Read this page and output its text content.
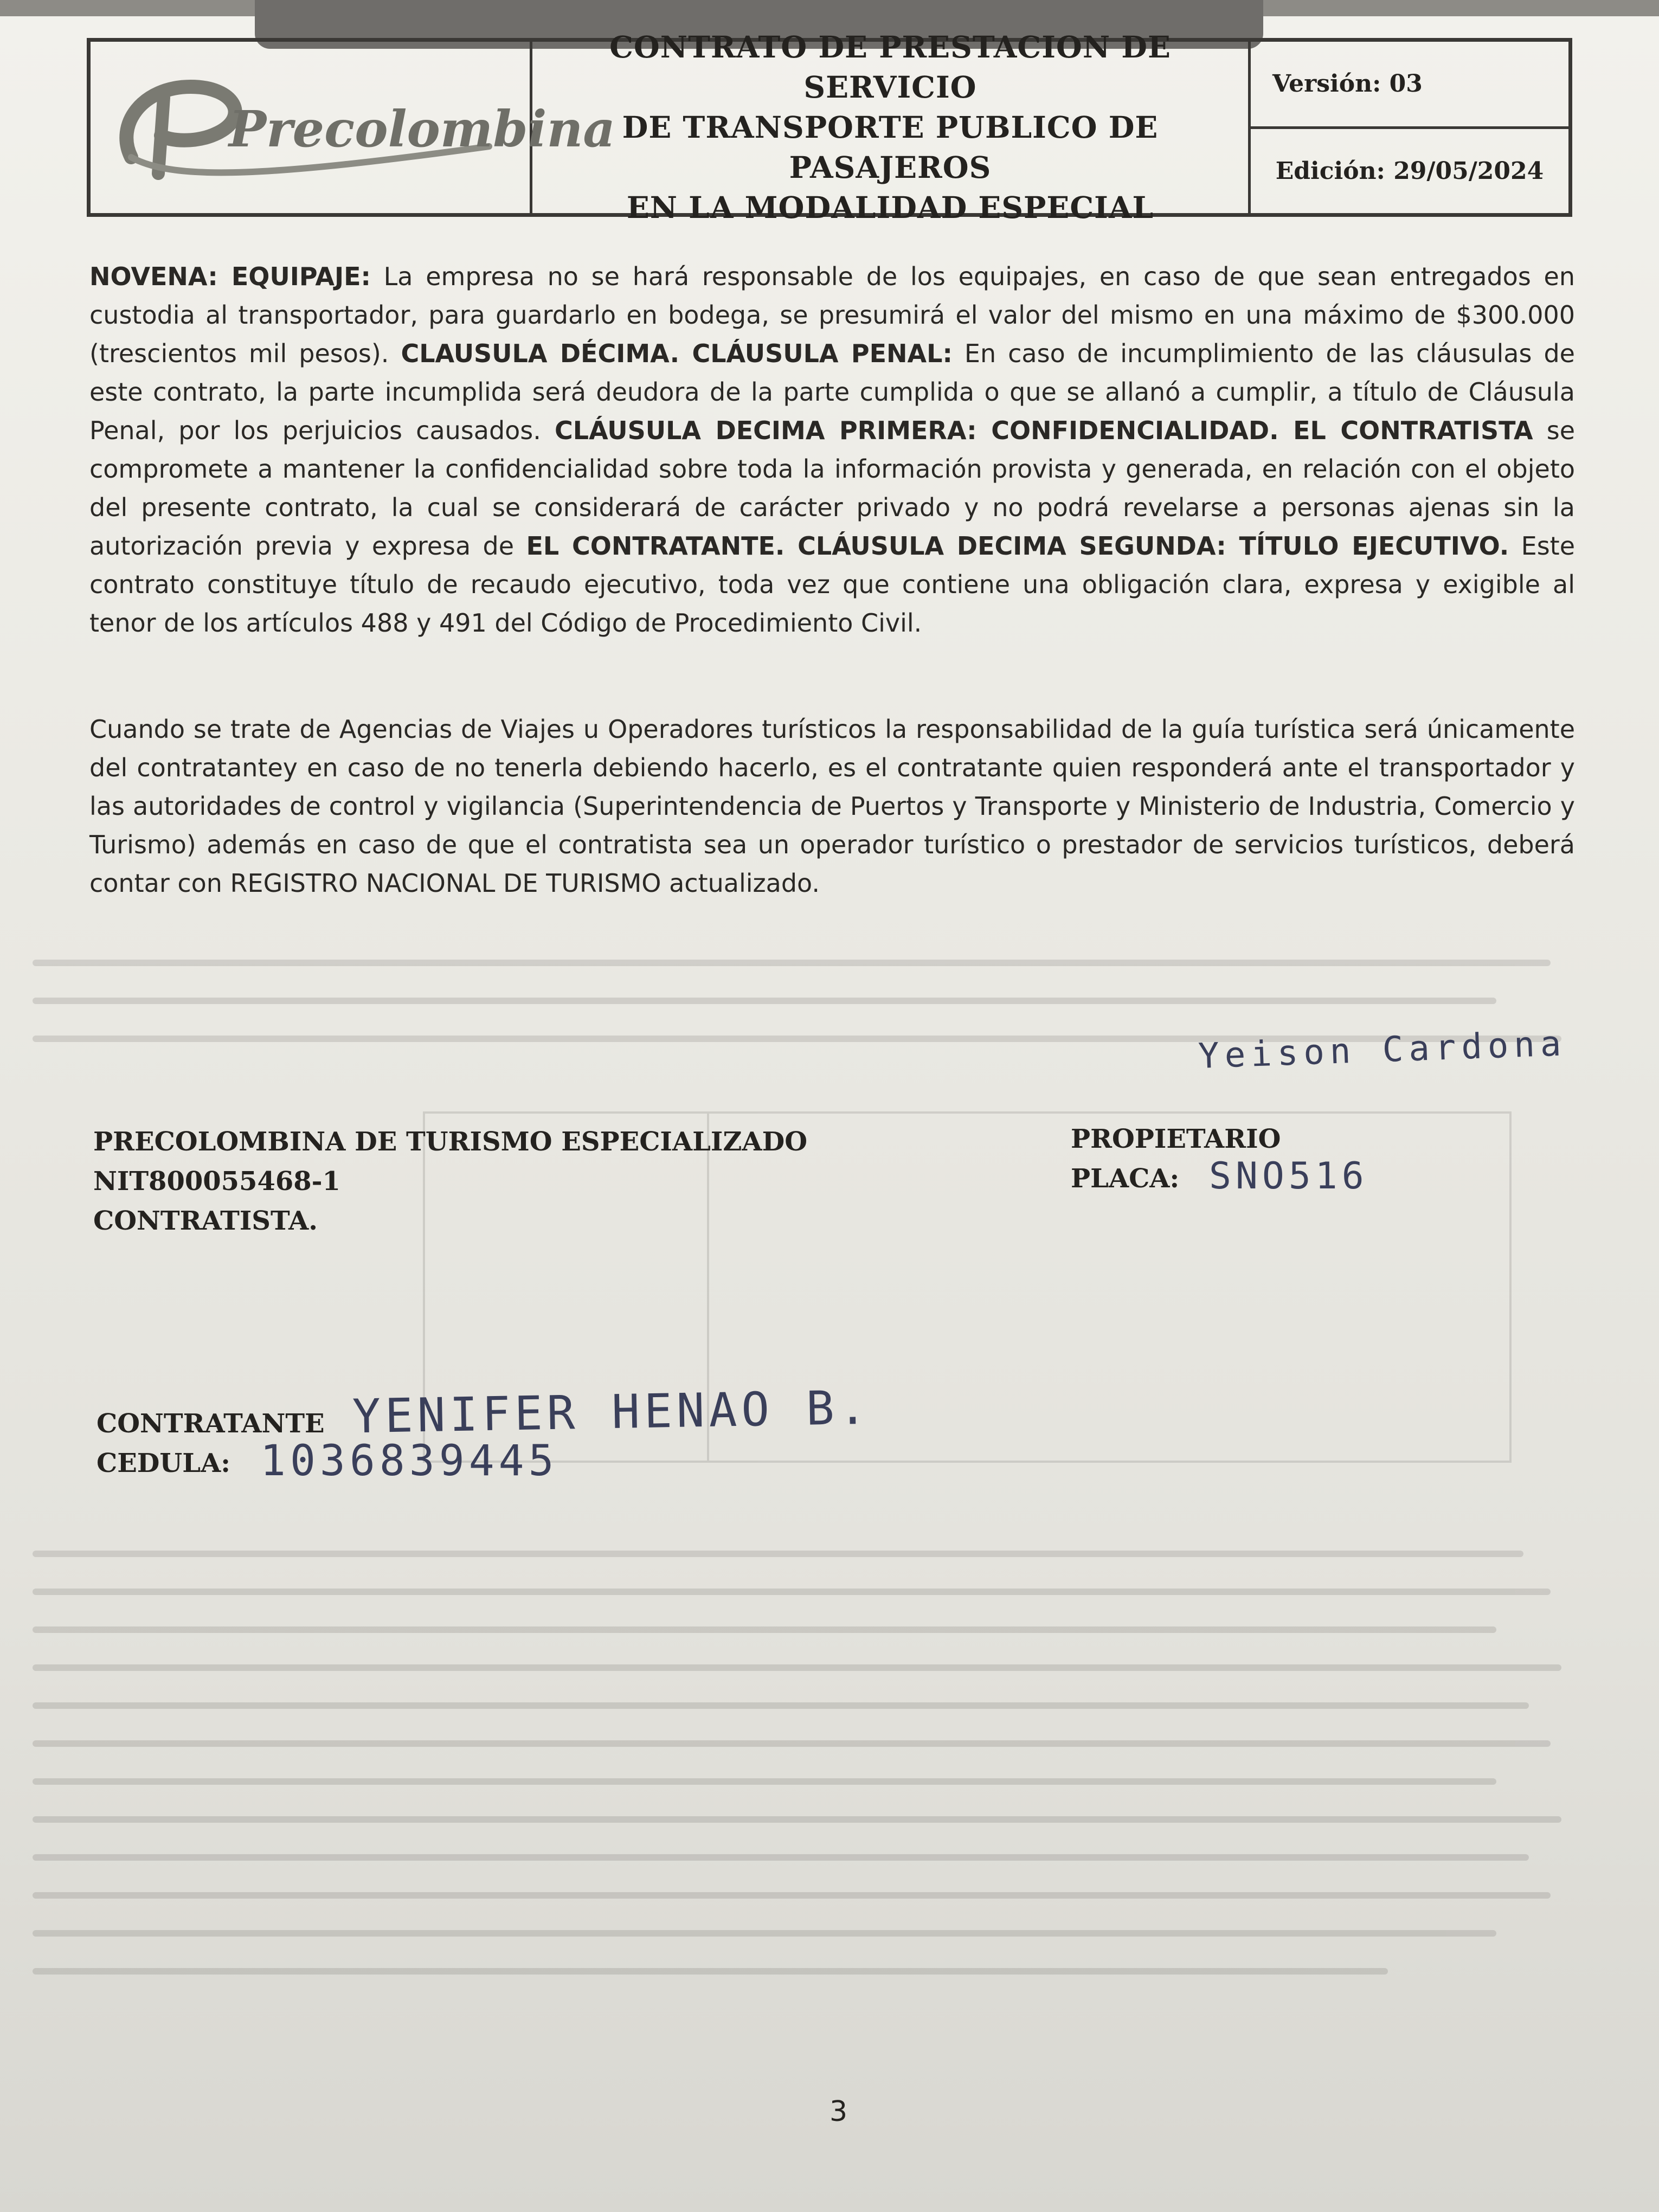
Precolombina
CONTRATO DE PRESTACION DE SERVICIO
DE TRANSPORTE PUBLICO DE PASAJEROS
EN LA MODALIDAD ESPECIAL
Versión:
03
Edición:
29/05/2024
NOVENA: EQUIPAJE: La empresa no se hará responsable de los equipajes, en caso de que sean entregados en custodia al transportador, para guardarlo en bodega, se presumirá el valor del mismo en una máximo de $300.000 (trescientos mil pesos). CLAUSULA DÉCIMA. CLÁUSULA PENAL: En caso de incumplimiento de las cláusulas de este contrato, la parte incumplida será deudora de la parte cumplida o que se allanó a cumplir, a título de Cláusula Penal, por los perjuicios causados. CLÁUSULA DECIMA PRIMERA: CONFIDENCIALIDAD. EL CONTRATISTA se compromete a mantener la confidencialidad sobre toda la información provista y generada, en relación con el objeto del presente contrato, la cual se considerará de carácter privado y no podrá revelarse a personas ajenas sin la autorización previa y expresa de EL CONTRATANTE. CLÁUSULA DECIMA SEGUNDA: TÍTULO EJECUTIVO. Este contrato constituye título de recaudo ejecutivo, toda vez que contiene una obligación clara, expresa y exigible al tenor de los artículos 488 y 491 del Código de Procedimiento Civil.
Cuando se trate de Agencias de Viajes u Operadores turísticos la responsabilidad de la guía turística será únicamente del contratantey en caso de no tenerla debiendo hacerlo, es el contratante quien responderá ante el transportador y las autoridades de control y vigilancia (Superintendencia de Puertos y Transporte y Ministerio de Industria, Comercio y Turismo) además en caso de que el contratista sea un operador turístico o prestador de servicios turísticos, deberá contar con REGISTRO NACIONAL DE TURISMO actualizado.
Yeison Cardona
PRECOLOMBINA DE TURISMO ESPECIALIZADO
NIT800055468-1
CONTRATISTA.
PROPIETARIO
PLACA: SNO516
CONTRATANTE
CEDULA:
YENIFER HENAO B.
1036839445
3
